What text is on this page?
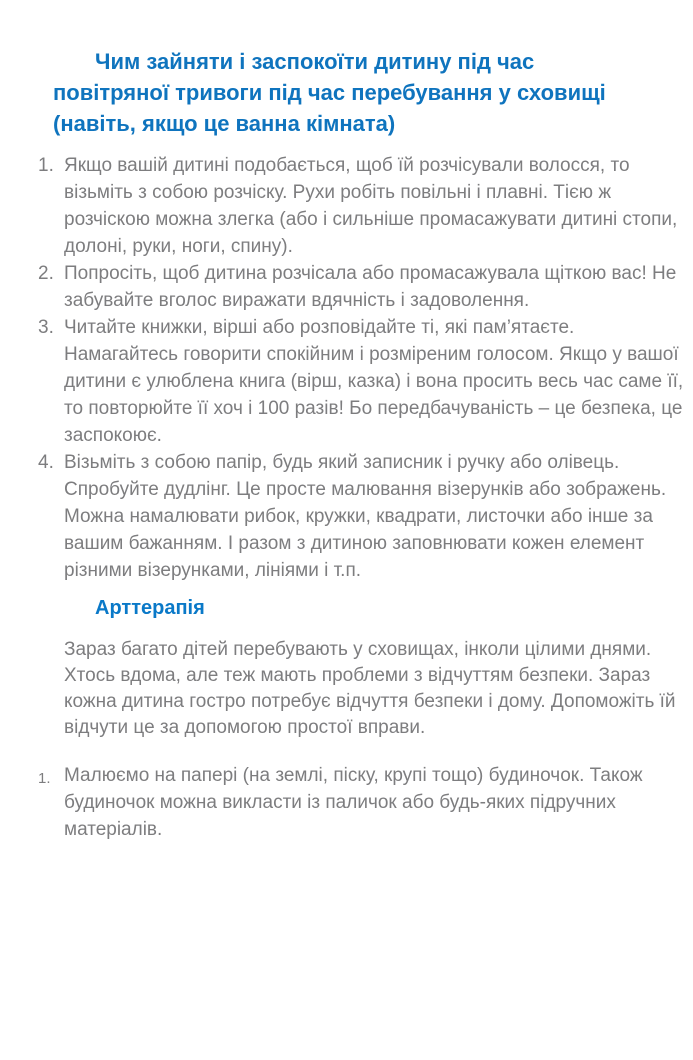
Чим зайняти і заспокоїти дитину під час повітряної тривоги під час перебування у сховищі (навіть, якщо це ванна кімната)
1. Якщо вашій дитині подобається, щоб їй розчісували волосся, то візьміть з собою розчіску. Рухи робіть повільні і плавні. Тією ж розчіскою можна злегка (або і сильніше промасажувати дитині стопи, долоні, руки, ноги, спину).
2. Попросіть, щоб дитина розчісала або промасажувала щіткою вас! Не забувайте вголос виражати вдячність і задоволення.
3. Читайте книжки, вірші або розповідайте ті, які пам’ятаєте. Намагайтесь говорити спокійним і розміреним голосом. Якщо у вашої дитини є улюблена книга (вірш, казка) і вона просить весь час саме її, то повторюйте її хоч і 100 разів! Бо передбачуваність – це безпека, це заспокоює.
4. Візьміть з собою папір, будь який записник і ручку або олівець. Спробуйте дудлінг. Це просте малювання візерунків або зображень. Можна намалювати рибок, кружки, квадрати, листочки або інше за вашим бажанням. І разом з дитиною заповнювати кожен елемент різними візерунками, лініями і т.п.
Арттерапія

Зараз багато дітей перебувають у сховищах, інколи цілими днями. Хтось вдома, але теж мають проблеми з відчуттям безпеки. Зараз кожна дитина гостро потребує відчуття безпеки і дому. Допоможіть їй відчути це за допомогою простої вправи.

1. Малюємо на папері (на землі, піску, крупі тощо) будиночок. Також будиночок можна викласти із паличок або будь-яких підручних матеріалів.
